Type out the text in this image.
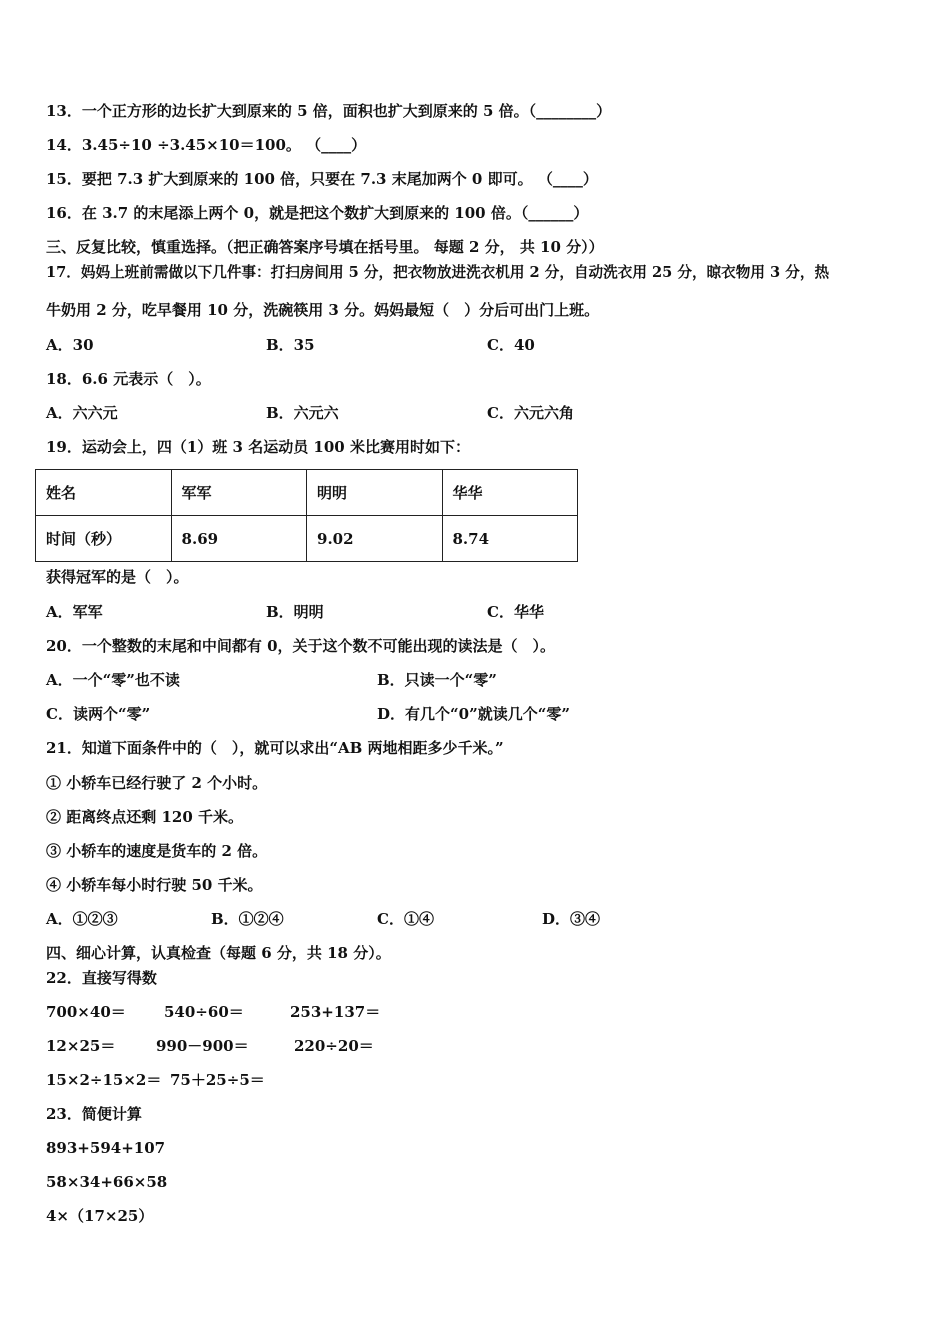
13．一个正方形的边长扩大到原来的 5 倍，面积也扩大到原来的 5 倍。（________）
14．3.45÷10 ÷3.45×10＝100。 （____）
15．要把 7.3 扩大到原来的 100 倍，只要在 7.3 末尾加两个 0 即可。 （____）
16．在 3.7 的末尾添上两个 0，就是把这个数扩大到原来的 100 倍。（______）
三、反复比较，慎重选择。（把正确答案序号填在括号里。 每题 2 分， 共 10 分））
17．妈妈上班前需做以下几件事：打扫房间用 5 分，把衣物放进洗衣机用 2 分，自动洗衣用 25 分，晾衣物用 3 分，热
牛奶用 2 分，吃早餐用 10 分，洗碗筷用 3 分。妈妈最短（　）分后可出门上班。
A．30	B．35	C．40
18．6.6 元表示（　）。
A．六六元	B．六元六	C．六元六角
19．运动会上，四（1）班 3 名运动员 100 米比赛用时如下：
姓名	军军	明明	华华
时间（秒）	8.69	9.02	8.74
获得冠军的是（　）。
A．军军	B．明明	C．华华
20．一个整数的末尾和中间都有 0，关于这个数不可能出现的读法是（　）。
A．一个“零”也不读	B．只读一个“零”
C．读两个“零”	D．有几个“0”就读几个“零”
21．知道下面条件中的（　），就可以求出“AB 两地相距多少千米。”
① 小轿车已经行驶了 2 个小时。
② 距离终点还剩 120 千米。
③ 小轿车的速度是货车的 2 倍。
④ 小轿车每小时行驶 50 千米。
A．①②③	B．①②④	C．①④	D．③④
四、细心计算，认真检查（每题 6 分，共 18 分）。
22．直接写得数
700×40＝	540÷60＝	253+137＝
12×25＝	990－900＝	220÷20＝
15×2÷15×2＝ 75＋25÷5＝
23．简便计算
893+594+107
58×34+66×58
4×（17×25）
